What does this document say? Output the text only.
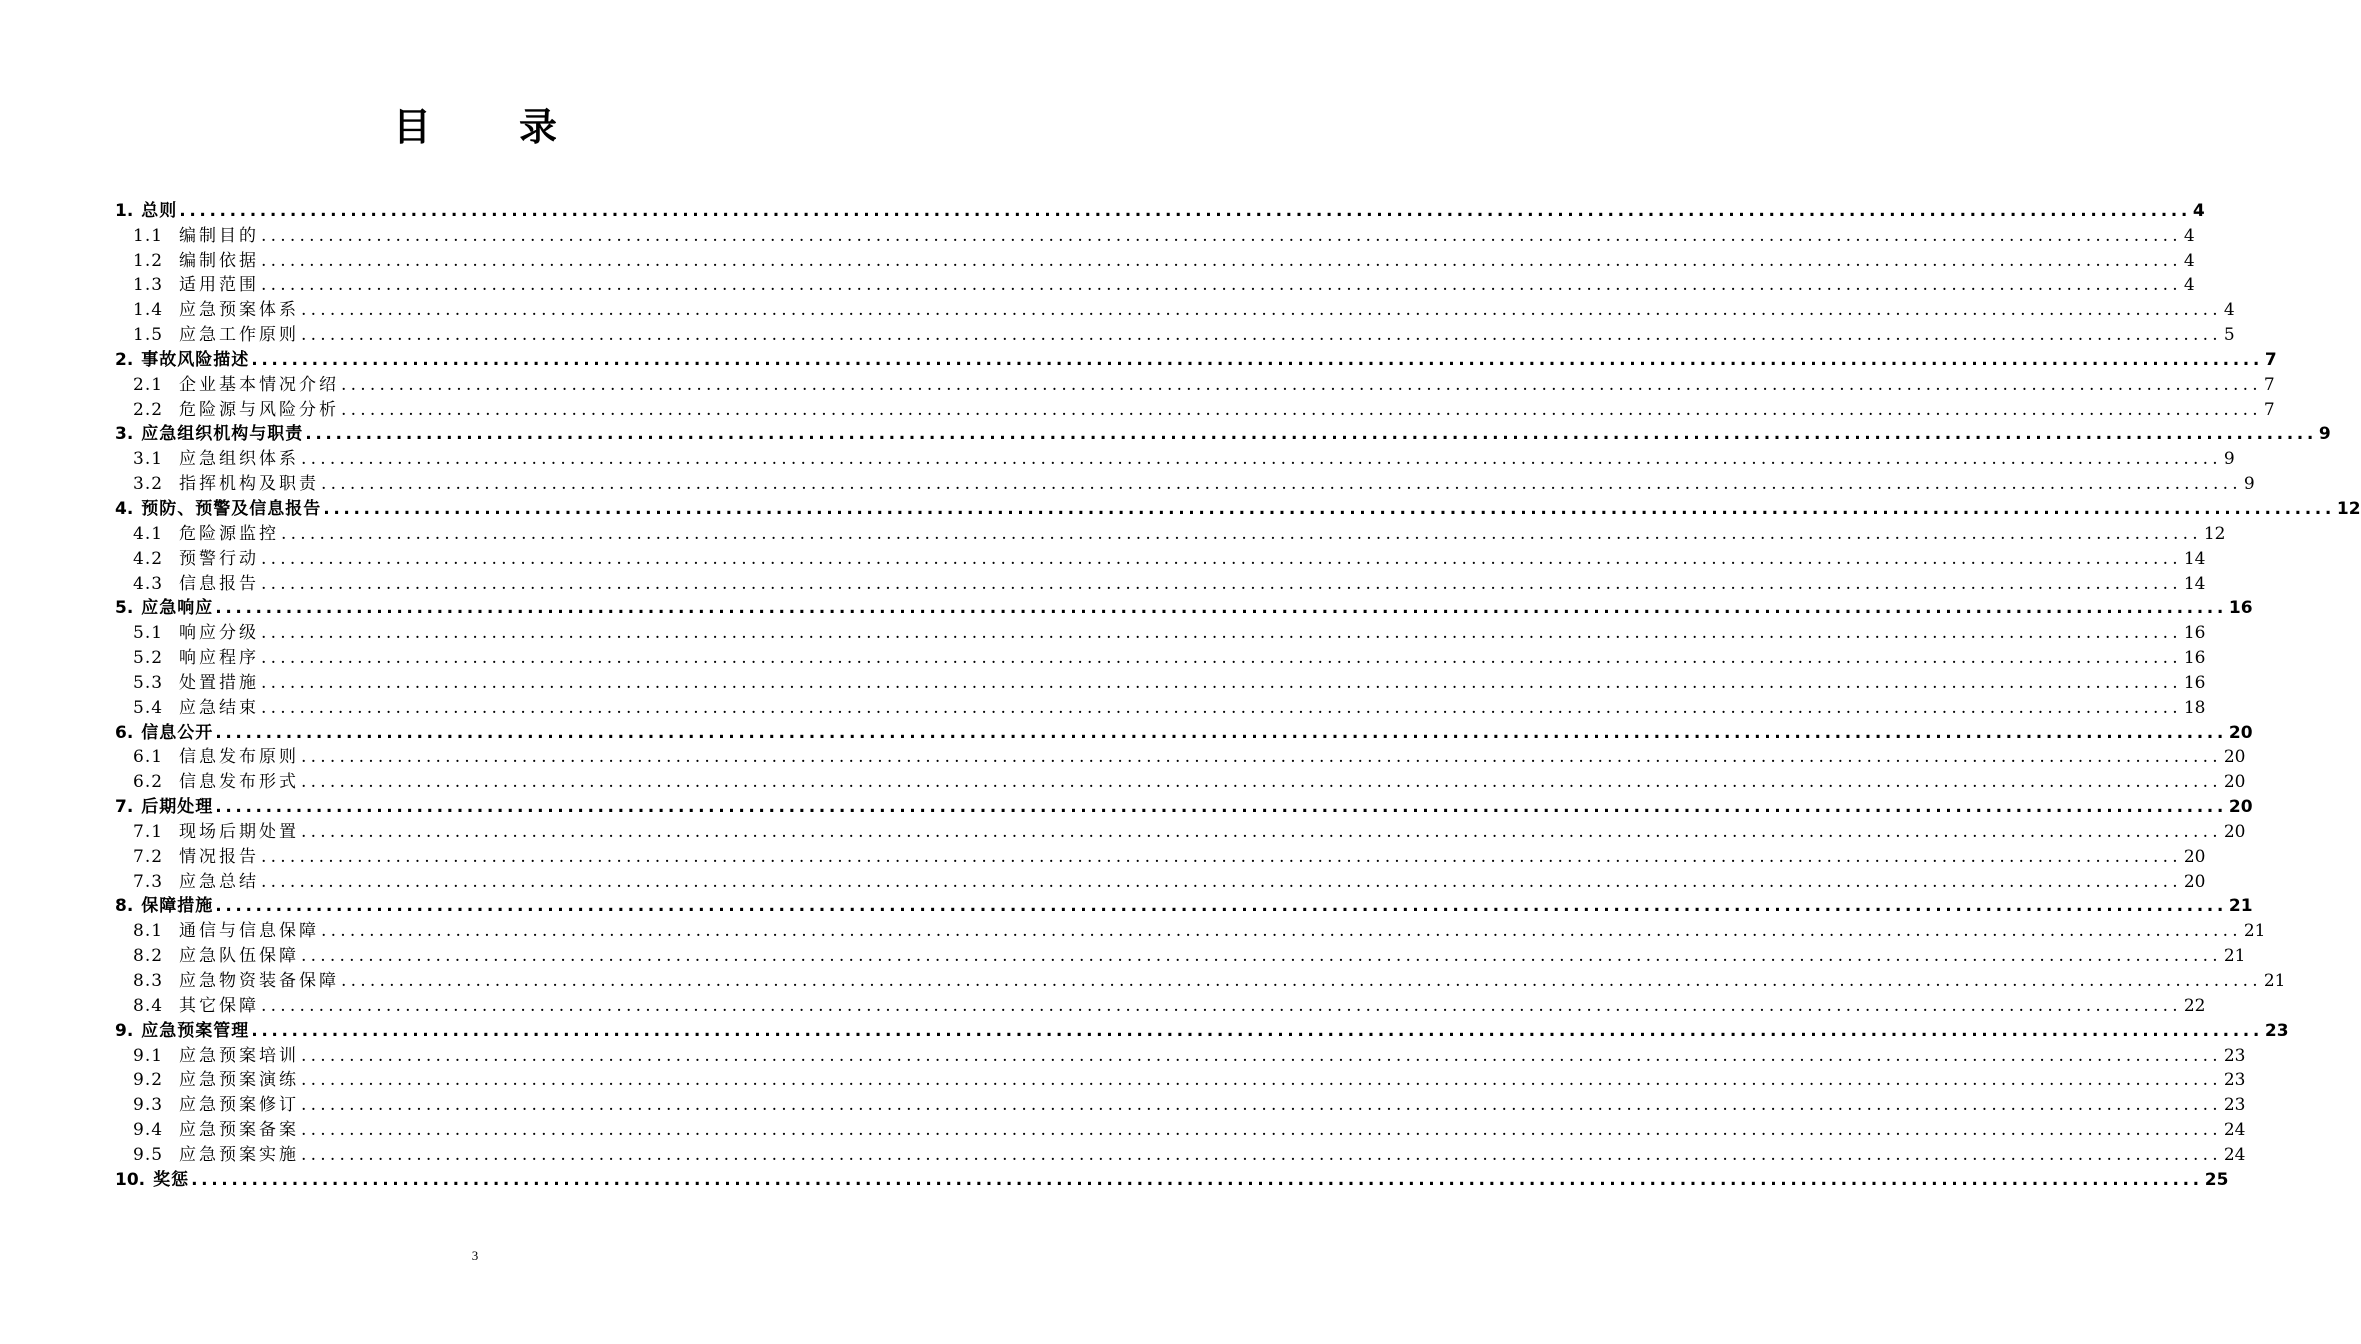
目 录
1. 总则 ........................................................................................................................................................................................................ 4
1.1 编制目的 ........................................................................................................................................................................................................ 4
1.2 编制依据 ........................................................................................................................................................................................................ 4
1.3 适用范围 ........................................................................................................................................................................................................ 4
1.4 应急预案体系 ........................................................................................................................................................................................................ 4
1.5 应急工作原则 ........................................................................................................................................................................................................ 5
2. 事故风险描述 ........................................................................................................................................................................................................ 7
2.1 企业基本情况介绍 ........................................................................................................................................................................................................ 7
2.2 危险源与风险分析 ........................................................................................................................................................................................................ 7
3. 应急组织机构与职责 ........................................................................................................................................................................................................ 9
3.1 应急组织体系 ........................................................................................................................................................................................................ 9
3.2 指挥机构及职责 ........................................................................................................................................................................................................ 9
4. 预防、预警及信息报告 ........................................................................................................................................................................................................ 12
4.1 危险源监控 ........................................................................................................................................................................................................ 12
4.2 预警行动 ........................................................................................................................................................................................................ 14
4.3 信息报告 ........................................................................................................................................................................................................ 14
5. 应急响应 ........................................................................................................................................................................................................ 16
5.1 响应分级 ........................................................................................................................................................................................................ 16
5.2 响应程序 ........................................................................................................................................................................................................ 16
5.3 处置措施 ........................................................................................................................................................................................................ 16
5.4 应急结束 ........................................................................................................................................................................................................ 18
6. 信息公开 ........................................................................................................................................................................................................ 20
6.1 信息发布原则 ........................................................................................................................................................................................................ 20
6.2 信息发布形式 ........................................................................................................................................................................................................ 20
7. 后期处理 ........................................................................................................................................................................................................ 20
7.1 现场后期处置 ........................................................................................................................................................................................................ 20
7.2 情况报告 ........................................................................................................................................................................................................ 20
7.3 应急总结 ........................................................................................................................................................................................................ 20
8. 保障措施 ........................................................................................................................................................................................................ 21
8.1 通信与信息保障 ........................................................................................................................................................................................................ 21
8.2 应急队伍保障 ........................................................................................................................................................................................................ 21
8.3 应急物资装备保障 ........................................................................................................................................................................................................ 21
8.4 其它保障 ........................................................................................................................................................................................................ 22
9. 应急预案管理 ........................................................................................................................................................................................................ 23
9.1 应急预案培训 ........................................................................................................................................................................................................ 23
9.2 应急预案演练 ........................................................................................................................................................................................................ 23
9.3 应急预案修订 ........................................................................................................................................................................................................ 23
9.4 应急预案备案 ........................................................................................................................................................................................................ 24
9.5 应急预案实施 ........................................................................................................................................................................................................ 24
10. 奖惩 ........................................................................................................................................................................................................ 25
3
